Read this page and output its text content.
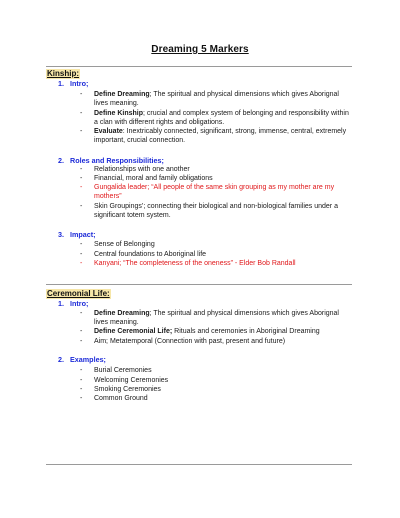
Dreaming 5 Markers
Kinship:
1. Intro;
-	Define Dreaming; The spiritual and physical dimensions which gives Aborignal lives meaning.
-	Define Kinship; crucial and complex system of belonging and responsibility within a clan with different rights and obligations.
-	Evaluate: Inextricably connected, significant, strong, immense, central, extremely important, crucial connection.
2. Roles and Responsibilities;
-	Relationships with one another
-	Financial, moral and family obligations
-	Gungalida leader; “All people of the same skin grouping as my mother are my mothers”
-	Skin Groupings’; connecting their biological and non-biological families under a significant totem system.
3. Impact;
-	Sense of Belonging
-	Central foundations to Aboriginal life
-	Kanyani; “The completeness of the oneness” - Elder Bob Randall
Ceremonial Life:
1. Intro;
-	Define Dreaming; The spiritual and physical dimensions which gives Aborignal lives meaning.
-	Define Ceremonial Life; Rituals and ceremonies in Aboriginal Dreaming
-	Aim; Metatemporal (Connection with past, present and future)
2. Examples;
-	Burial Ceremonies
-	Welcoming Ceremonies
-	Smoking Ceremonies
-	Common Ground
